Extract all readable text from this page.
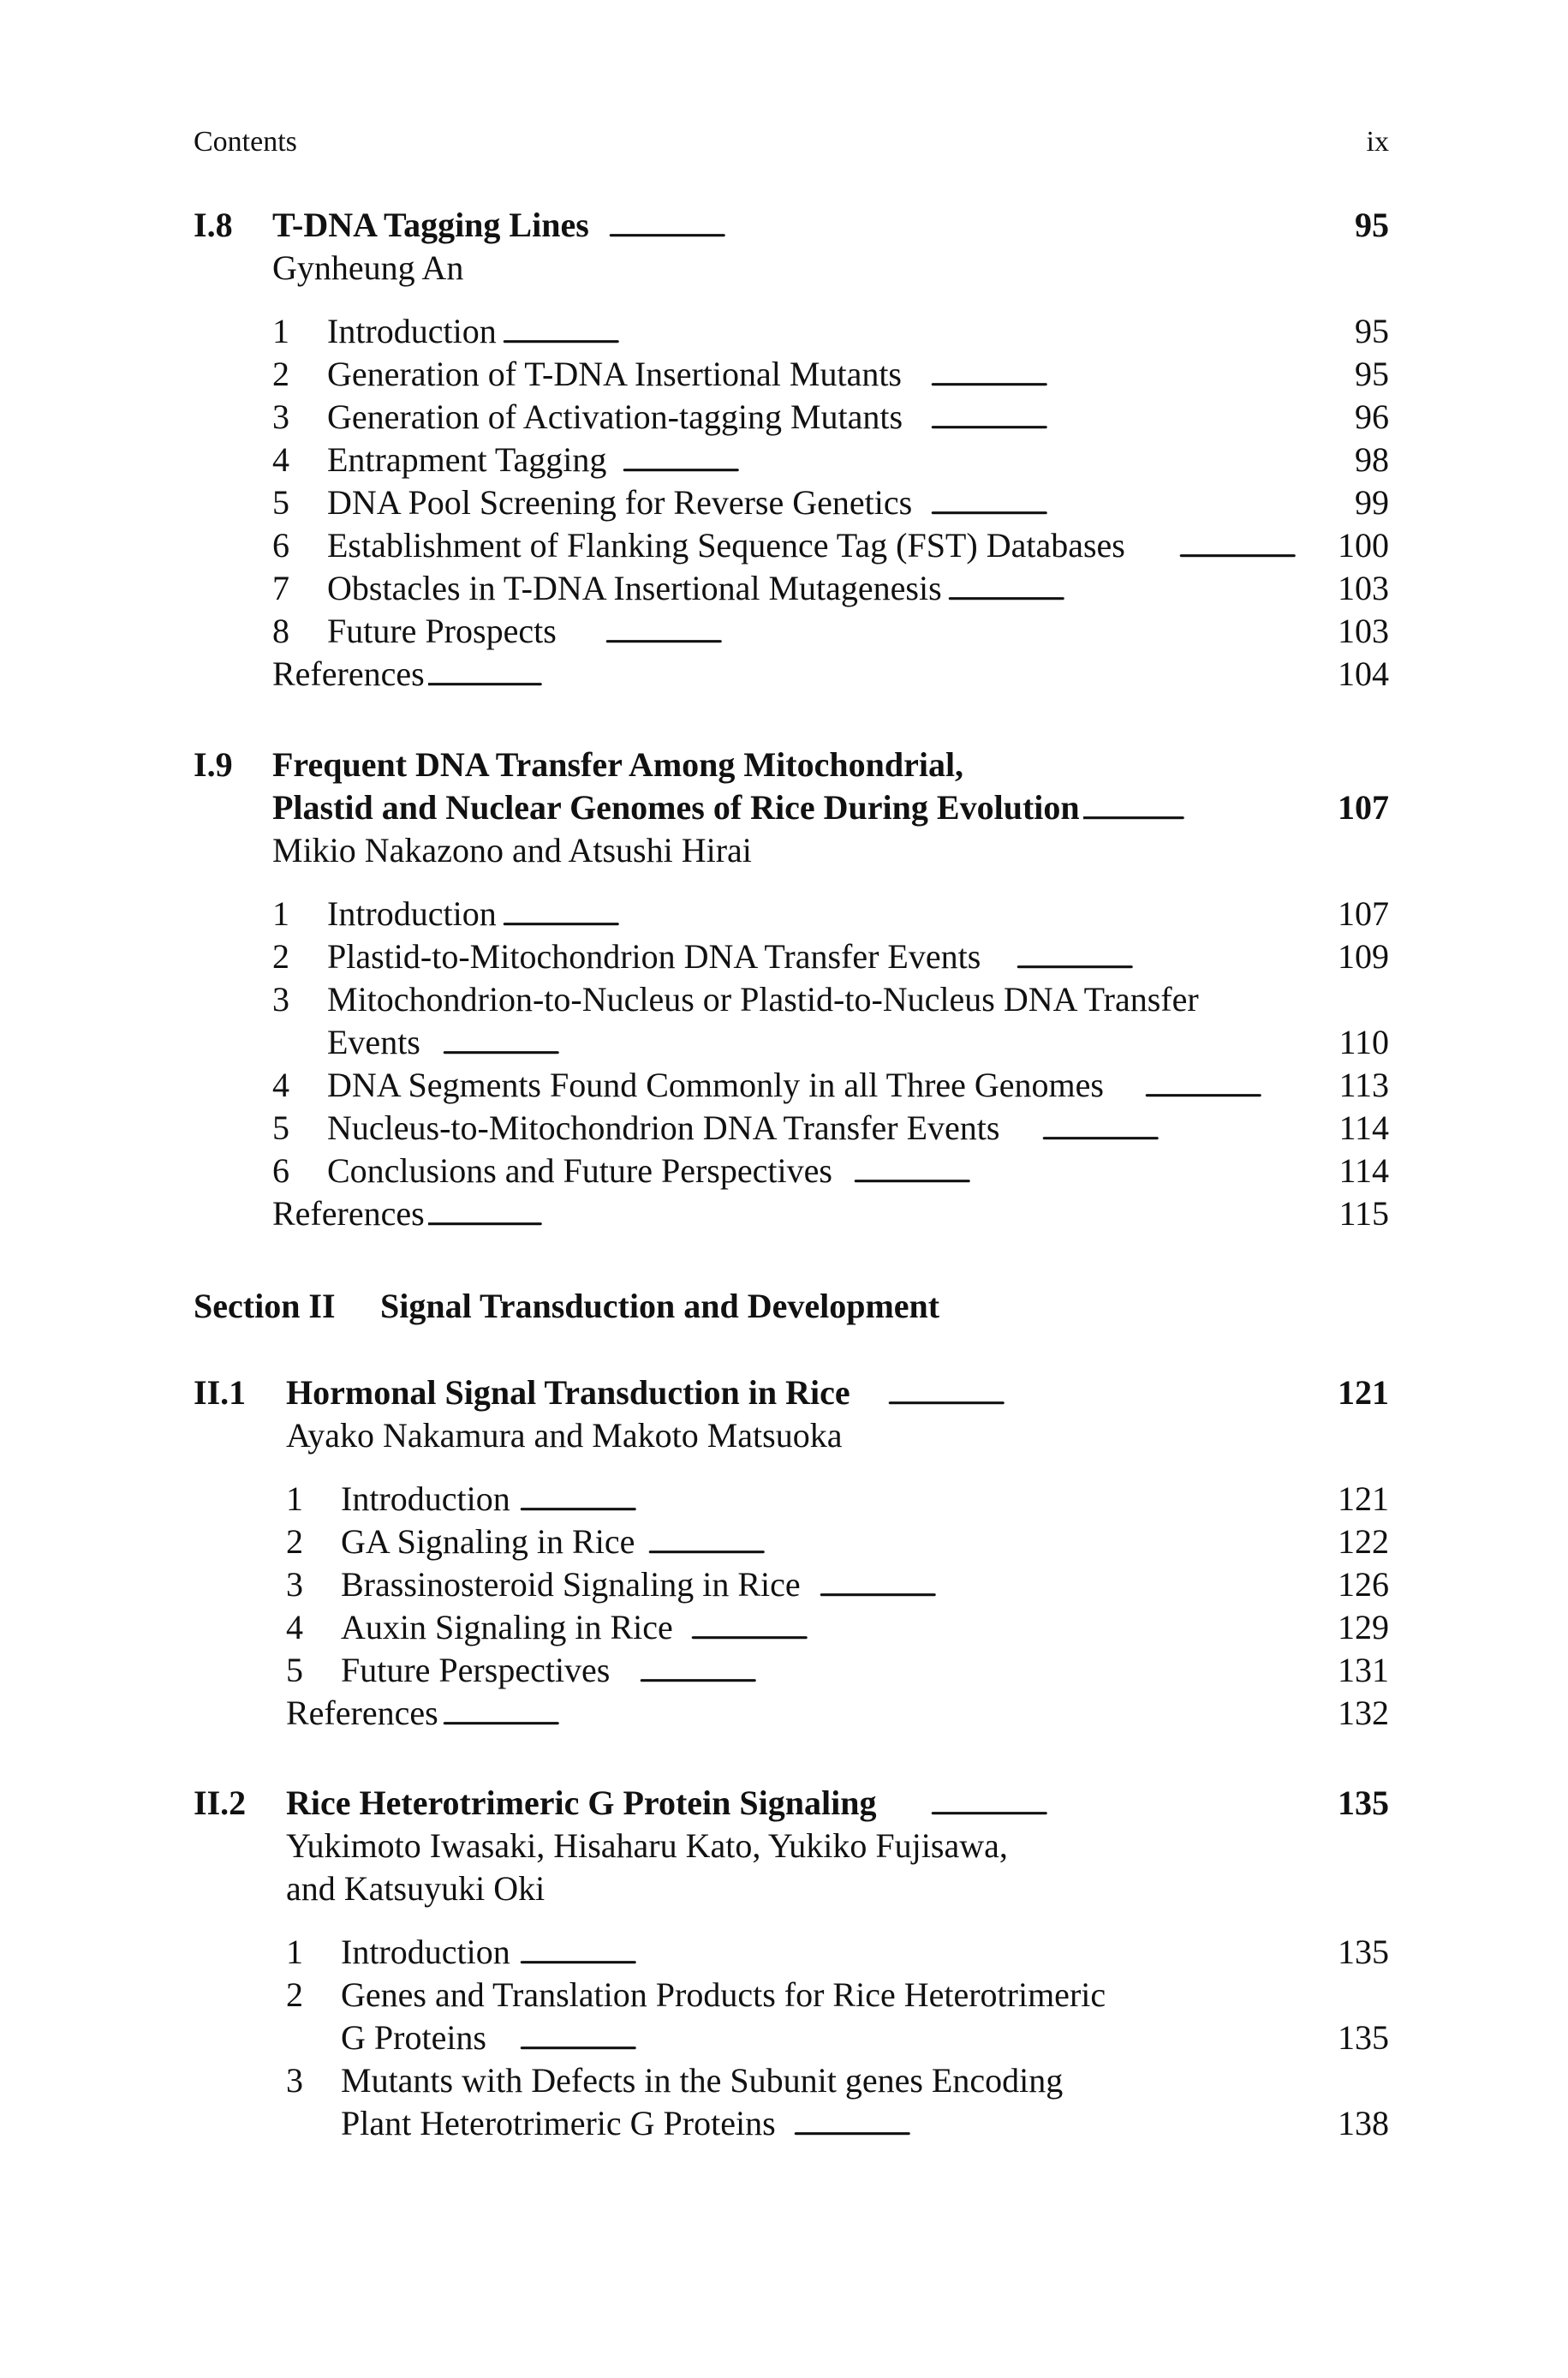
Contents	ix
I.8 . . . T-DNA Tagging Lines	95
Gynheung An
1 . . . Introduction	95
2 . . . Generation of T-DNA Insertional Mutants	95
3 . . . Generation of Activation-tagging Mutants	96
4 . . . Entrapment Tagging	98
5 . . . DNA Pool Screening for Reverse Genetics	99
6 . . . Establishment of Flanking Sequence Tag (FST) Databases	100
7 . . . Obstacles in T-DNA Insertional Mutagenesis	103
8 . . . Future Prospects	103
. . .
References	104
I.9 Frequent DNA Transfer Among Mitochondrial,
. . .
Plastid and Nuclear Genomes of Rice During Evolution	107
Mikio Nakazono and Atsushi Hirai
1 . . . Introduction	107
2 . . . Plastid-to-Mitochondrion DNA Transfer Events	109
3 Mitochondrion-to-Nucleus or Plastid-to-Nucleus DNA Transfer
. . .
Events	110
4 . . . DNA Segments Found Commonly in all Three Genomes	113
5 . . . Nucleus-to-Mitochondrion DNA Transfer Events	114
6 . . . Conclusions and Future Perspectives	114
. . .
References	115
Section II Signal Transduction and Development
II.1 . . . Hormonal Signal Transduction in Rice	121
Ayako Nakamura and Makoto Matsuoka
1 . . . Introduction	121
2 . . . GA Signaling in Rice	122
3 . . . Brassinosteroid Signaling in Rice	126
4 . . . Auxin Signaling in Rice	129
5 . . . Future Perspectives	131
. . .
References	132
II.2 . . . Rice Heterotrimeric G Protein Signaling	135
Yukimoto Iwasaki, Hisaharu Kato, Yukiko Fujisawa,
and Katsuyuki Oki
1 . . . Introduction	135
2 Genes and Translation Products for Rice Heterotrimeric
. . .
G Proteins	135
3 Mutants with Defects in the Subunit genes Encoding
. . .
Plant Heterotrimeric G Proteins	138
